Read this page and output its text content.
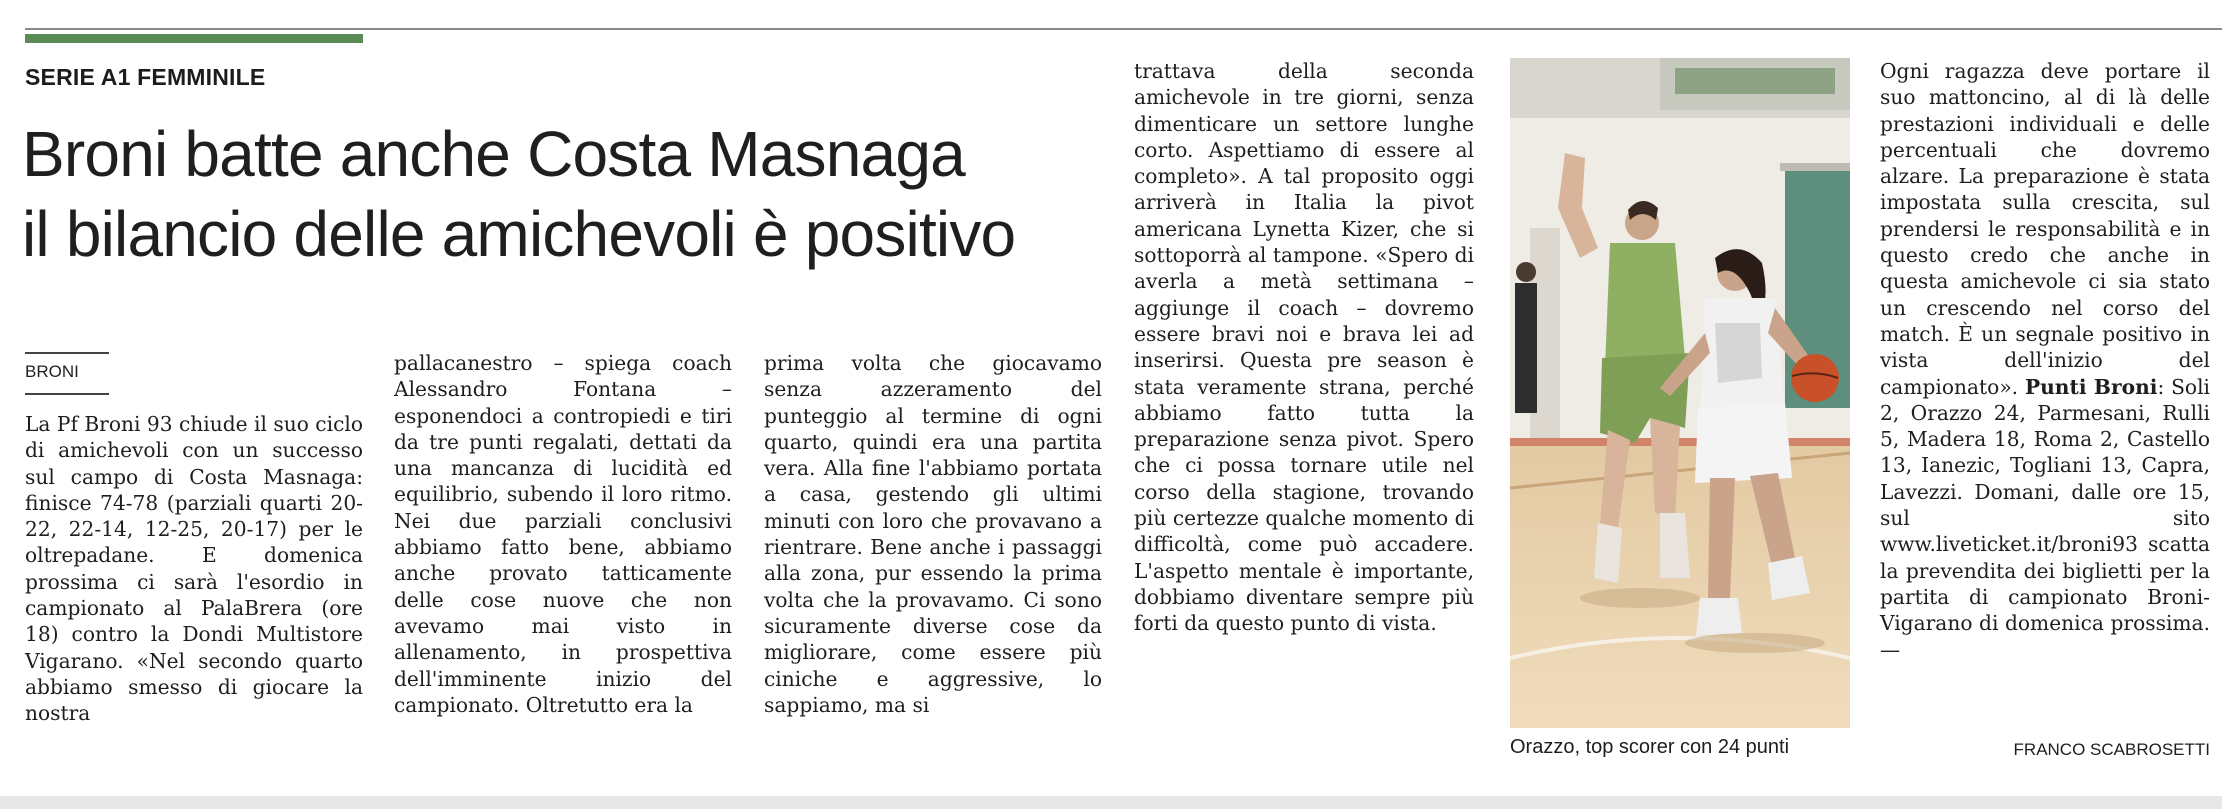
SERIE A1 FEMMINILE
Broni batte anche Costa Masnaga
il bilancio delle amichevoli è positivo
BRONI

La Pf Broni 93 chiude il suo ciclo di amichevoli con un successo sul campo di Costa Masnaga: finisce 74-78 (parziali quarti 20-22, 22-14, 12-25, 20-17) per le oltrepadane. E domenica prossima ci sarà l'esordio in campionato al PalaBrera (ore 18) contro la Dondi Multistore Vigarano. «Nel secondo quarto abbiamo smesso di giocare la nostra

pallacanestro – spiega coach Alessandro Fontana – esponendoci a contropiedi e tiri da tre punti regalati, dettati da una mancanza di lucidità ed equilibrio, subendo il loro ritmo. Nei due parziali conclusivi abbiamo fatto bene, abbiamo anche provato tatticamente delle cose nuove che non avevamo mai visto in allenamento, in prospettiva dell'imminente inizio del campionato. Oltretutto era la

prima volta che giocavamo senza azzeramento del punteggio al termine di ogni quarto, quindi era una partita vera. Alla fine l'abbiamo portata a casa, gestendo gli ultimi minuti con loro che provavano a rientrare. Bene anche i passaggi alla zona, pur essendo la prima volta che la provavamo. Ci sono sicuramente diverse cose da migliorare, come essere più ciniche e aggressive, lo sappiamo, ma si

trattava della seconda amichevole in tre giorni, senza dimenticare un settore lunghe corto. Aspettiamo di essere al completo». A tal proposito oggi arriverà in Italia la pivot americana Lynetta Kizer, che si sottoporrà al tampone. «Spero di averla a metà settimana – aggiunge il coach – dovremo essere bravi noi e brava lei ad inserirsi. Questa pre season è stata veramente strana, perché abbiamo fatto tutta la preparazione senza pivot. Spero che ci possa tornare utile nel corso della stagione, trovando più certezze qualche momento di difficoltà, come può accadere. L'aspetto mentale è importante, dobbiamo diventare sempre più forti da questo punto di vista.

Orazzo, top scorer con 24 punti

Ogni ragazza deve portare il suo mattoncino, al di là delle prestazioni individuali e delle percentuali che dovremo alzare. La preparazione è stata impostata sulla crescita, sul prendersi le responsabilità e in questo credo che anche in questa amichevole ci sia stato un crescendo nel corso del match. È un segnale positivo in vista dell'inizio del campionato». Punti Broni: Soli 2, Orazzo 24, Parmesani, Rulli 5, Madera 18, Roma 2, Castello 13, Ianezic, Togliani 13, Capra, Lavezzi. Domani, dalle ore 15, sul sito www.liveticket.it/broni93 scatta la prevendita dei biglietti per la partita di campionato Broni-Vigarano di domenica prossima. —

FRANCO SCABROSETTI
